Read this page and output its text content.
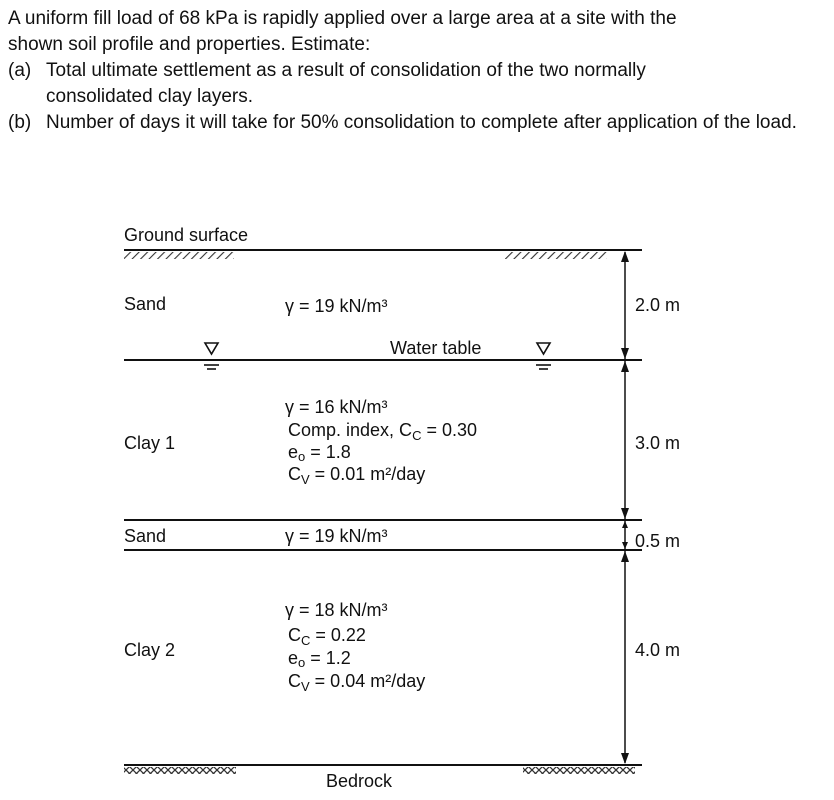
A uniform fill load of 68 kPa is rapidly applied over a large area at a site with the
shown soil profile and properties. Estimate:
(a) Total ultimate settlement as a result of consolidation of the two normally consolidated clay layers.
(b) Number of days it will take for 50% consolidation to complete after application of the load.
Ground surface
Sand	γ = 19 kN/m³
Water table
Clay 1
γ = 16 kN/m³
Comp. index, $C_C = 0.30$
eo = 1.8
$C_V = 0.01$ m²/day
Sand	γ = 19 kN/m³
Clay 2
γ = 18 kN/m³
$C_C = 0.22$
eo = 1.2
$C_V = 0.04$ m²/day
Bedrock
2.0 m
3.0 m
0.5 m
4.0 m
